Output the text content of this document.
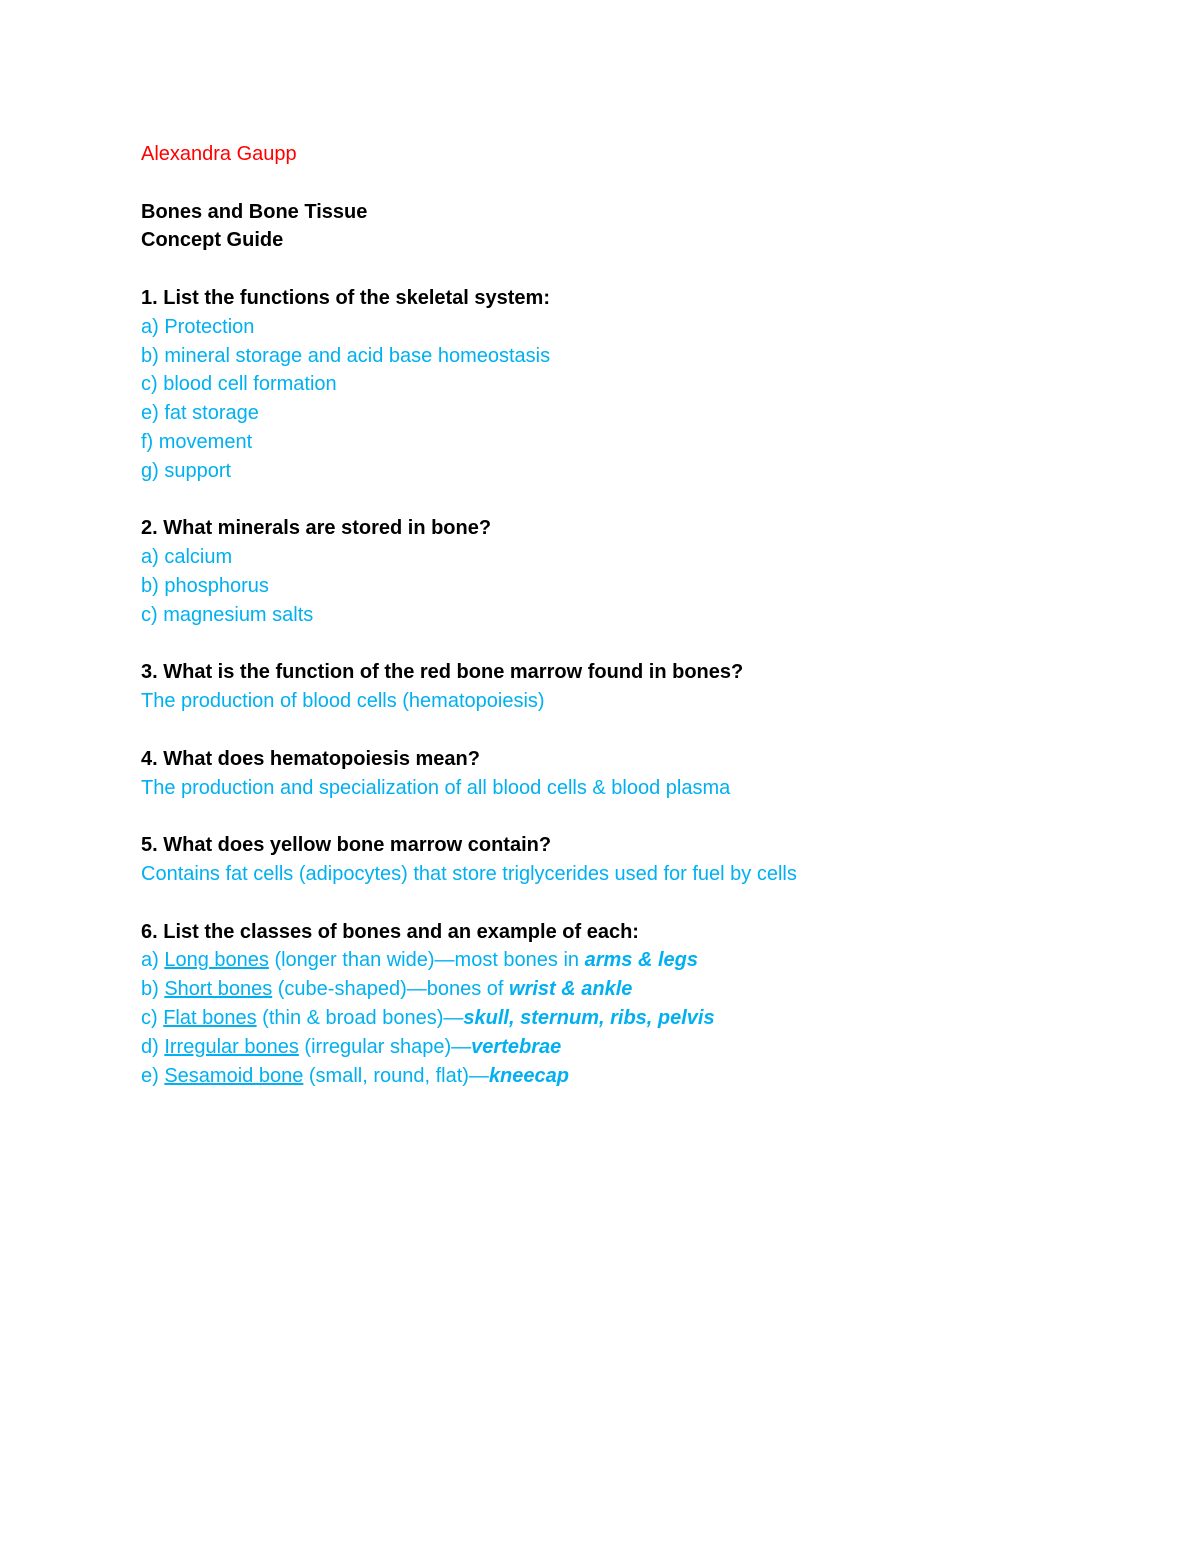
Alexandra Gaupp
Bones and Bone Tissue
Concept Guide
1. List the functions of the skeletal system:
a) Protection
b) mineral storage and acid base homeostasis
c) blood cell formation
e) fat storage
f) movement
g) support
2. What minerals are stored in bone?
a) calcium
b) phosphorus
c) magnesium salts
3. What is the function of the red bone marrow found in bones?
The production of blood cells (hematopoiesis)
4. What does hematopoiesis mean?
The production and specialization of all blood cells & blood plasma
5. What does yellow bone marrow contain?
Contains fat cells (adipocytes) that store triglycerides used for fuel by cells
6. List the classes of bones and an example of each:
a) Long bones (longer than wide)—most bones in arms & legs
b) Short bones (cube-shaped)—bones of wrist & ankle
c) Flat bones (thin & broad bones)—skull, sternum, ribs, pelvis
d) Irregular bones (irregular shape)—vertebrae
e) Sesamoid bone (small, round, flat)—kneecap
